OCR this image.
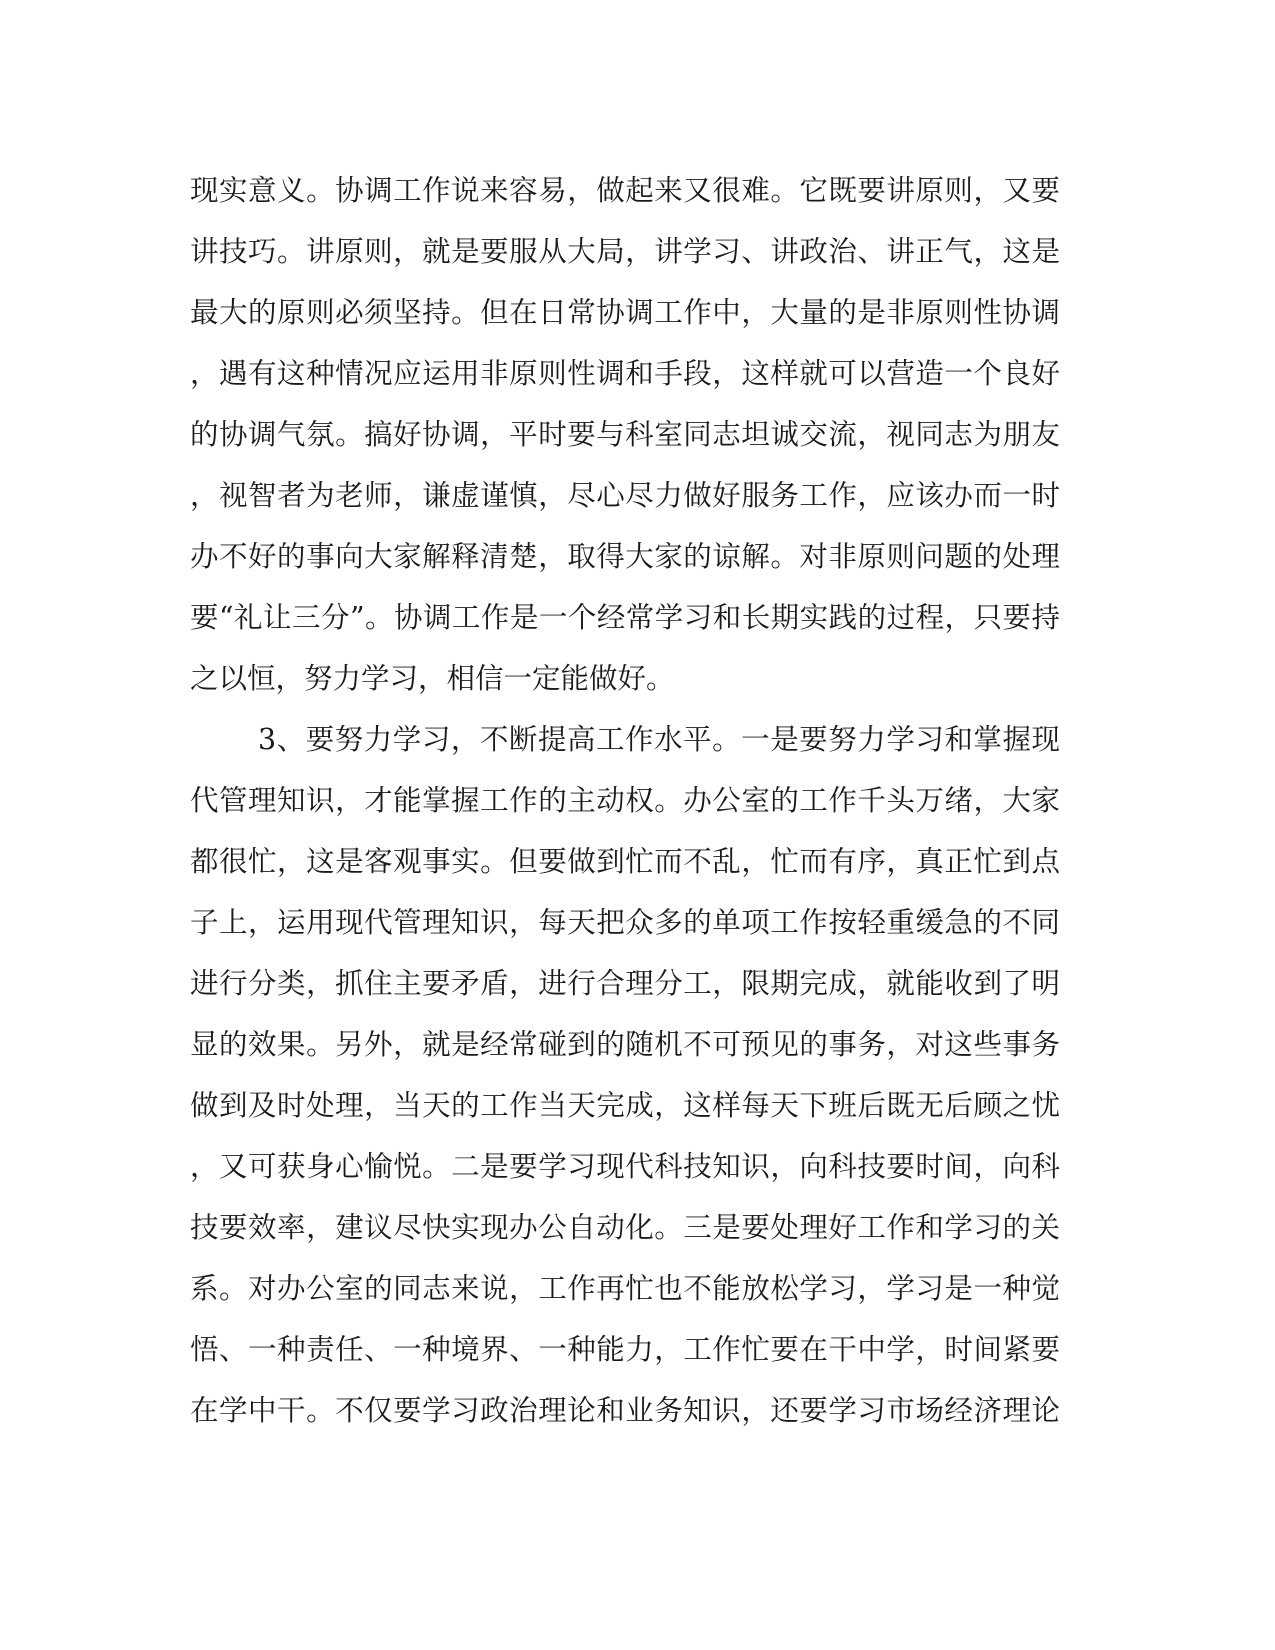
现实意义。协调工作说来容易，做起来又很难。它既要讲原则，又要
讲技巧。讲原则，就是要服从大局，讲学习、讲政治、讲正气，这是
最大的原则必须坚持。但在日常协调工作中，大量的是非原则性协调
，遇有这种情况应运用非原则性调和手段，这样就可以营造一个良好
的协调气氛。搞好协调，平时要与科室同志坦诚交流，视同志为朋友
，视智者为老师，谦虚谨慎，尽心尽力做好服务工作，应该办而一时
办不好的事向大家解释清楚，取得大家的谅解。对非原则问题的处理
要“礼让三分”。协调工作是一个经常学习和长期实践的过程，只要持
之以恒，努力学习，相信一定能做好。
3、要努力学习，不断提高工作水平。一是要努力学习和掌握现
代管理知识，才能掌握工作的主动权。办公室的工作千头万绪，大家
都很忙，这是客观事实。但要做到忙而不乱，忙而有序，真正忙到点
子上，运用现代管理知识，每天把众多的单项工作按轻重缓急的不同
进行分类，抓住主要矛盾，进行合理分工，限期完成，就能收到了明
显的效果。另外，就是经常碰到的随机不可预见的事务，对这些事务
做到及时处理，当天的工作当天完成，这样每天下班后既无后顾之忧
，又可获身心愉悦。二是要学习现代科技知识，向科技要时间，向科
技要效率，建议尽快实现办公自动化。三是要处理好工作和学习的关
系。对办公室的同志来说，工作再忙也不能放松学习，学习是一种觉
悟、一种责任、一种境界、一种能力，工作忙要在干中学，时间紧要
在学中干。不仅要学习政治理论和业务知识，还要学习市场经济理论
